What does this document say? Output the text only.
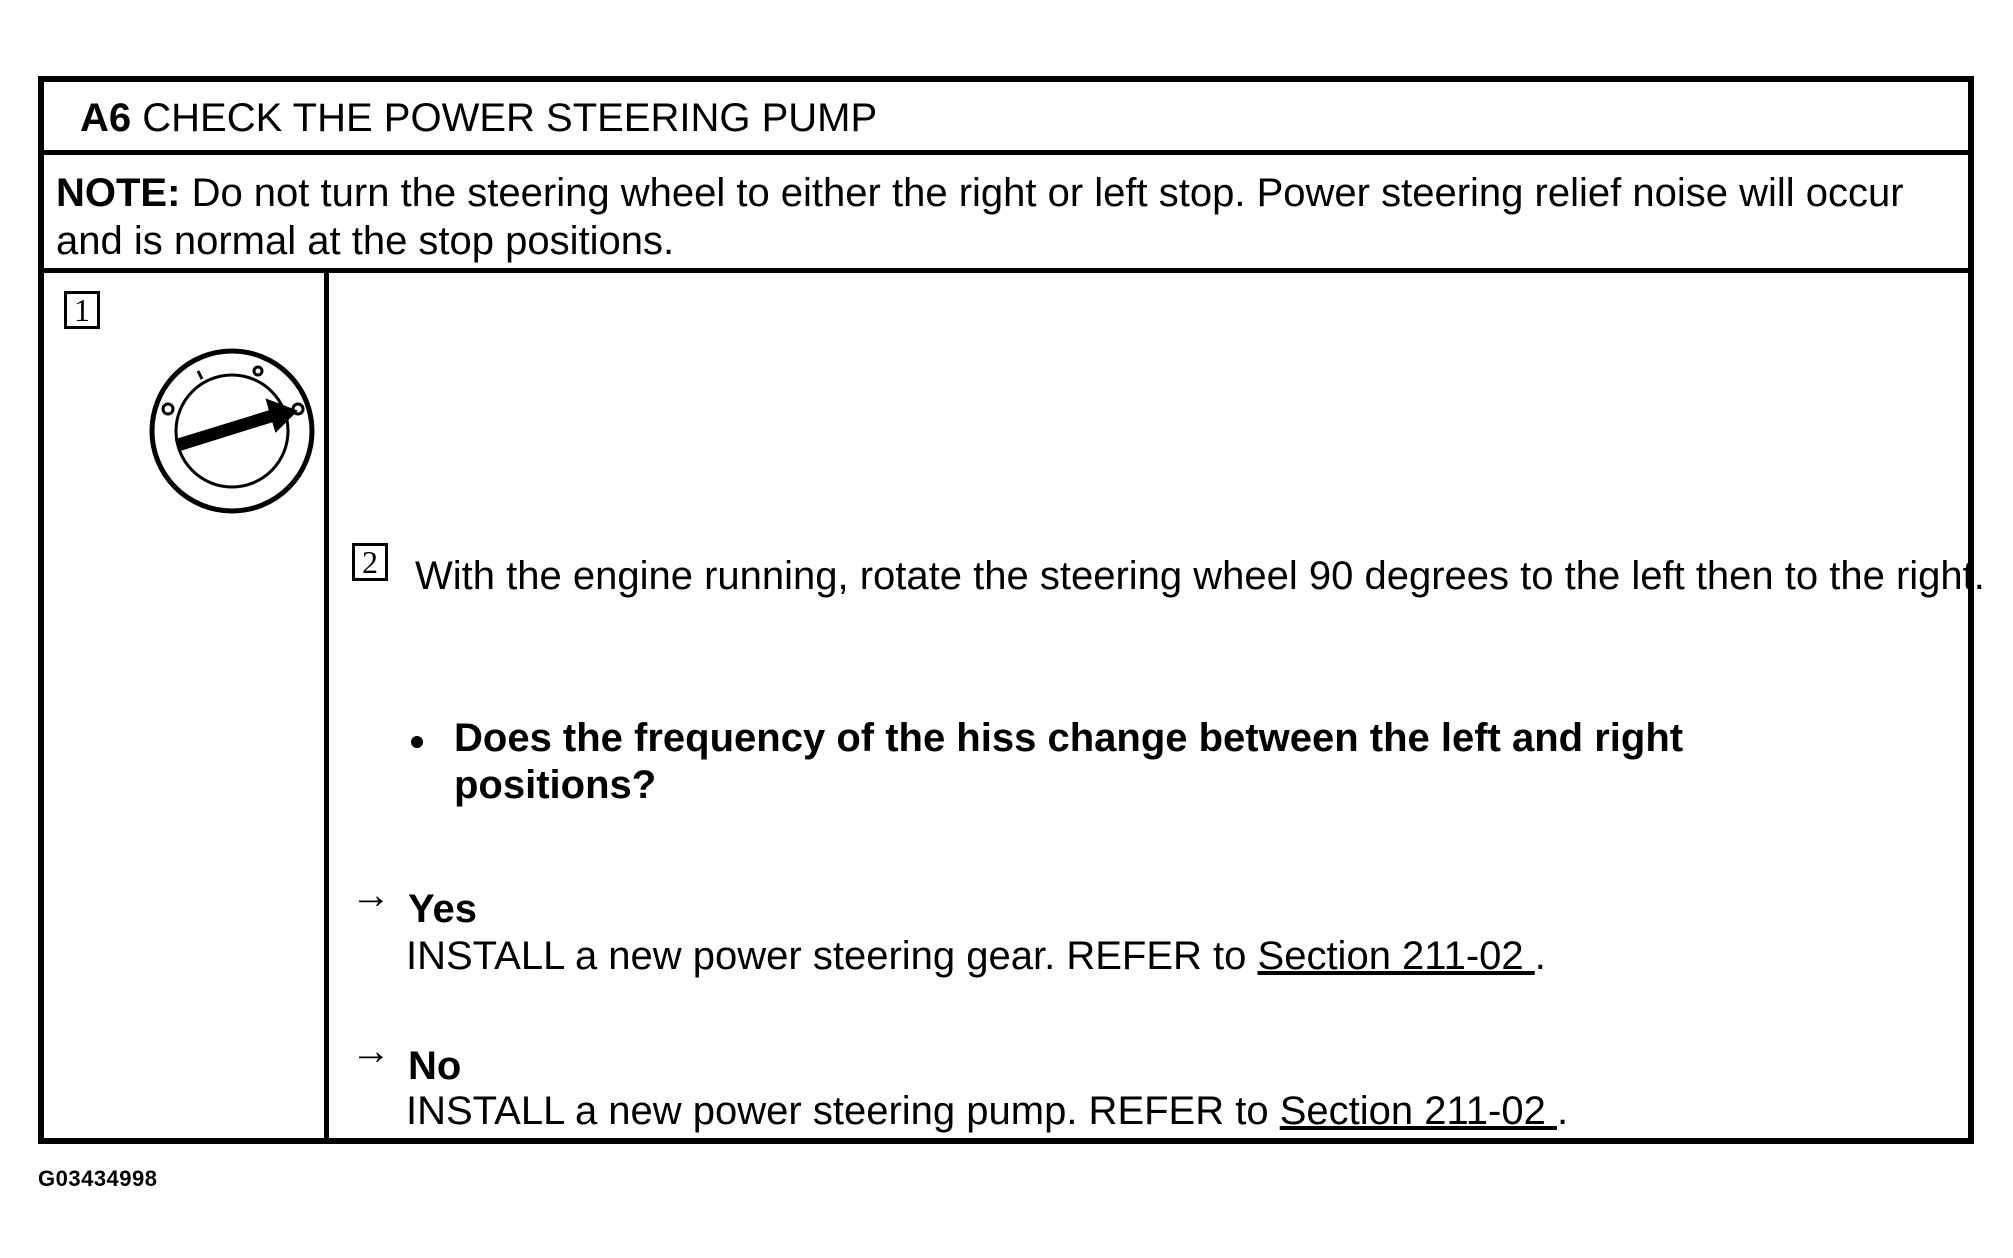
A6 CHECK THE POWER STEERING PUMP
NOTE: Do not turn the steering wheel to either the right or left stop. Power steering relief noise will occur and is normal at the stop positions.
1
2 With the engine running, rotate the steering wheel 90 degrees to the left then to the right.
Does the frequency of the hiss change between the left and right positions?
→ Yes
INSTALL a new power steering gear. REFER to Section 211-02 .
→ No
INSTALL a new power steering pump. REFER to Section 211-02 .
G03434998
